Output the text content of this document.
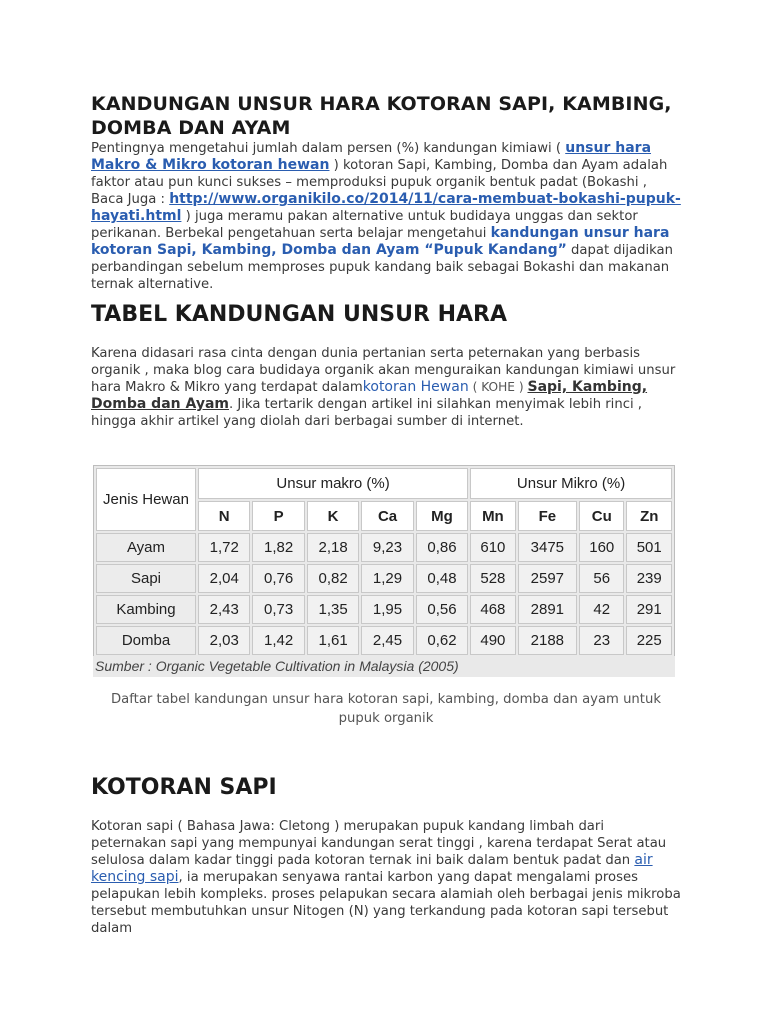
KANDUNGAN UNSUR HARA KOTORAN SAPI, KAMBING, DOMBA DAN AYAM

Pentingnya mengetahui jumlah dalam persen (%) kandungan kimiawi ( unsur hara Makro & Mikro kotoran hewan ) kotoran Sapi, Kambing, Domba dan Ayam adalah faktor atau pun kunci sukses – memproduksi pupuk organik bentuk padat (Bokashi , Baca Juga : http://www.organikilo.co/2014/11/cara-membuat-bokashi-pupuk-hayati.html ) juga meramu pakan alternative untuk budidaya unggas dan sektor perikanan. Berbekal pengetahuan serta belajar mengetahui kandungan unsur hara kotoran Sapi, Kambing, Domba dan Ayam “Pupuk Kandang” dapat dijadikan perbandingan sebelum memproses pupuk kandang baik sebagai Bokashi dan makanan ternak alternative.

TABEL KANDUNGAN UNSUR HARA

Karena didasari rasa cinta dengan dunia pertanian serta peternakan yang berbasis organik , maka blog cara budidaya organik akan menguraikan kandungan kimiawi unsur hara Makro & Mikro yang terdapat dalamkotoran Hewan ( KOHE ) Sapi, Kambing, Domba dan Ayam. Jika tertarik dengan artikel ini silahkan menyimak lebih rinci , hingga akhir artikel yang diolah dari berbagai sumber di internet.

Jenis Hewan	Unsur makro (%)					Unsur Mikro (%)			
	N	P	K	Ca	Mg	Mn	Fe	Cu	Zn
Ayam	1,72	1,82	2,18	9,23	0,86	610	3475	160	501
Sapi	2,04	0,76	0,82	1,29	0,48	528	2597	56	239
Kambing	2,43	0,73	1,35	1,95	0,56	468	2891	42	291
Domba	2,03	1,42	1,61	2,45	0,62	490	2188	23	225
Sumber : Organic Vegetable Cultivation in Malaysia (2005)
Daftar tabel kandungan unsur hara kotoran sapi, kambing, domba dan ayam untuk pupuk organik
KOTORAN SAPI

Kotoran sapi ( Bahasa Jawa: Cletong ) merupakan pupuk kandang limbah dari peternakan sapi yang mempunyai kandungan serat tinggi , karena terdapat Serat atau selulosa dalam kadar tinggi pada kotoran ternak ini baik dalam bentuk padat dan air kencing sapi, ia merupakan senyawa rantai karbon yang dapat mengalami proses pelapukan lebih kompleks. proses pelapukan secara alamiah oleh berbagai jenis mikroba tersebut membutuhkan unsur Nitogen (N) yang terkandung pada kotoran sapi tersebut dalam
